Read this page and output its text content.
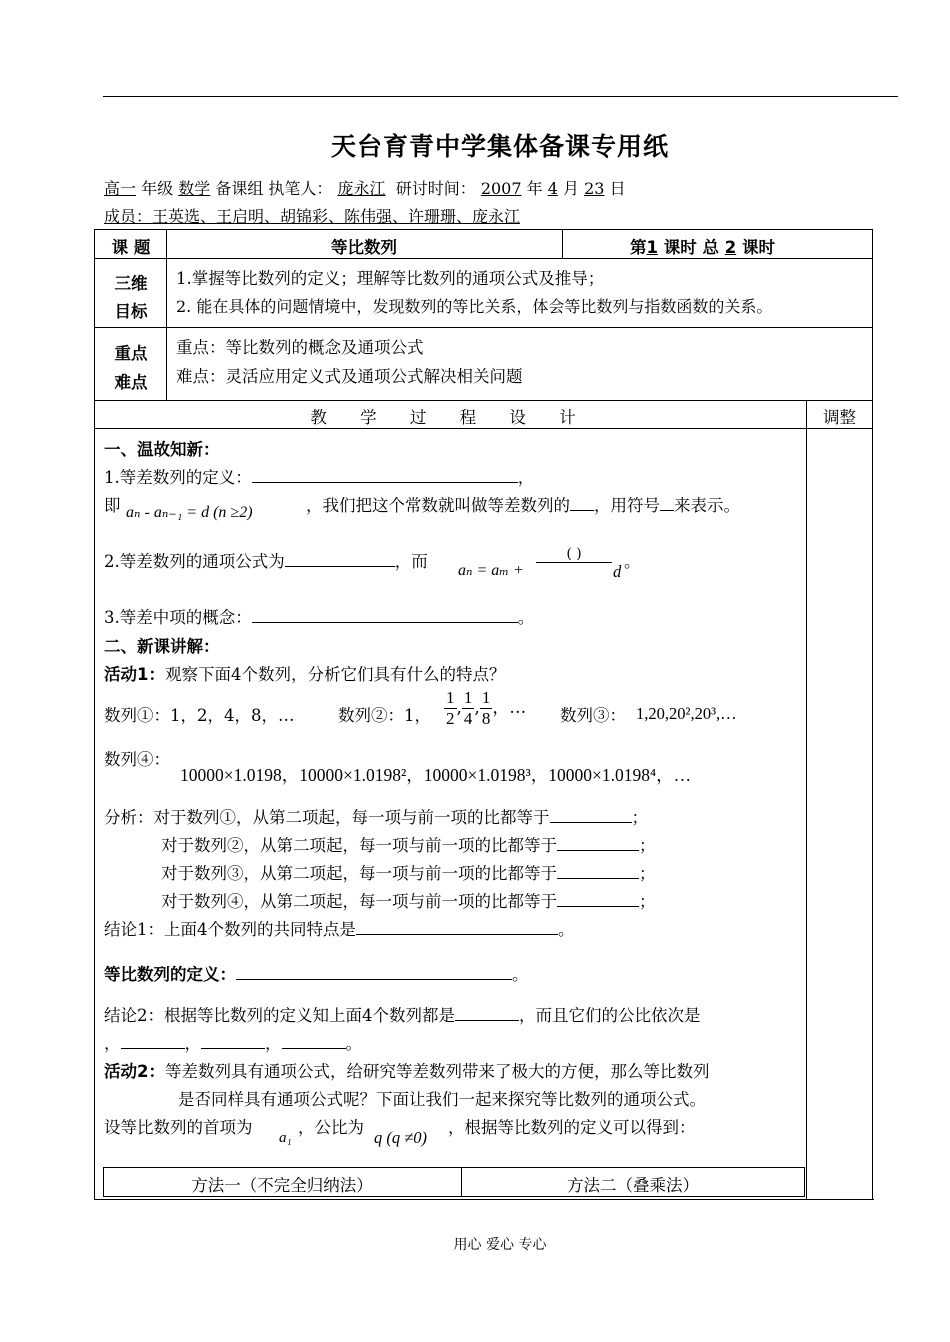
天台育青中学集体备课专用纸
高一 年级 数学 备课组 执笔人： 庞永江 研讨时间： 2007 年 4 月 23 日
成员：王英选、王启明、胡锦彩、陈伟强、许珊珊、庞永江
课 题	等比数列	第1 课时 总 2 课时
三维
目标
1.掌握等比数列的定义；理解等比数列的通项公式及推导；
2. 能在具体的问题情境中，发现数列的等比关系，体会等比数列与指数函数的关系。
重点
难点
重点：等比数列的概念及通项公式
难点：灵活应用定义式及通项公式解决相关问题
教 学 过 程 设 计	调整
一、温故知新：
1.等差数列的定义：	，
即 aₙ - aₙ₋₁ = d (n ≥2)	，我们把这个常数就叫做等差数列的 ，用符号 来表示。
2.等差数列的通项公式为	，而 aₙ = aₘ +
( )
d
。
3.等差中项的概念：	。
二、新课讲解：
活动1：观察下面4个数列，分析它们具有什么的特点？
数列①：1，2，4，8，…	数列②：1， $\frac{1}{2}$ , $\frac{1}{4}$ , $\frac{1}{8}$ ，… 数列③： 1,20,20²,20³,…
数列④：
10000×1.0198，10000×1.0198²，10000×1.0198³，10000×1.0198⁴，…
分析：对于数列①，从第二项起，每一项与前一项的比都等于	；
对于数列②，从第二项起，每一项与前一项的比都等于	；
对于数列③，从第二项起，每一项与前一项的比都等于	；
对于数列④，从第二项起，每一项与前一项的比都等于	；
结论1：上面4个数列的共同特点是	。
等比数列的定义：	。
结论2：根据等比数列的定义知上面4个数列都是	，而且它们的公比依次是
，	，	，	。
活动2：等差数列具有通项公式，给研究等差数列带来了极大的方便，那么等比数列
是否同样具有通项公式呢？下面让我们一起来探究等比数列的通项公式。
设等比数列的首项为
a₁
，公比为
q (q ≠0)
，根据等比数列的定义可以得到：
方法一（不完全归纳法）	方法二（叠乘法）
用心 爱心 专心
